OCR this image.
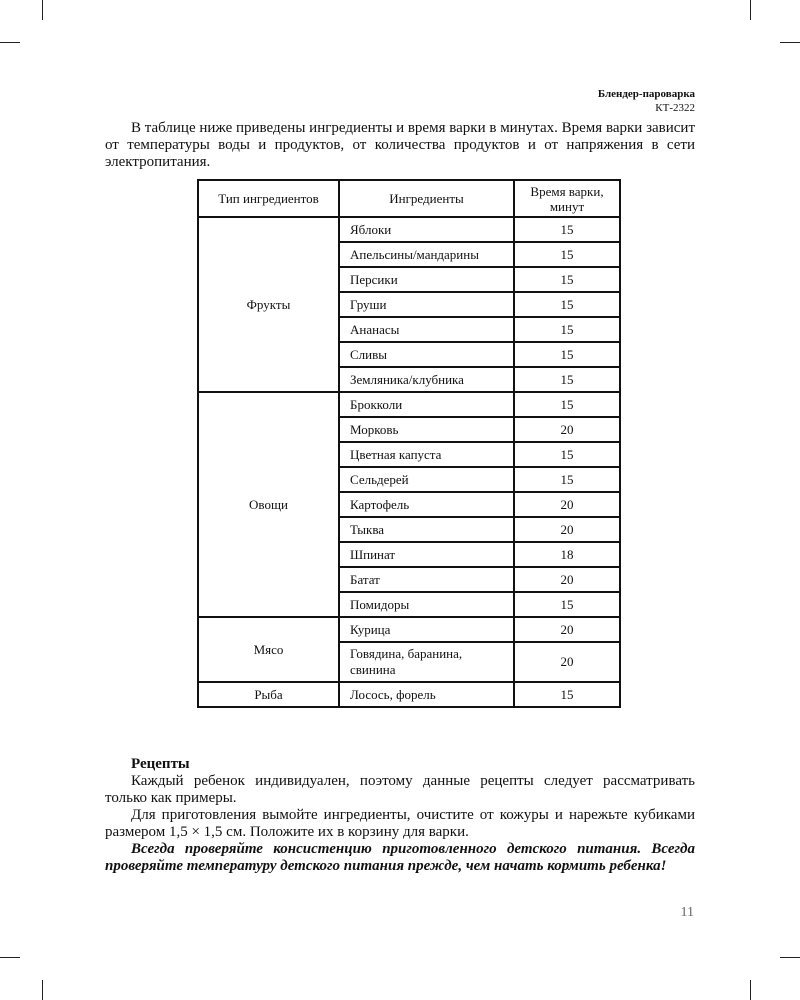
Блендер-пароварка
КТ-2322

В таблице ниже приведены ингредиенты и время варки в минутах. Время варки зависит от температуры воды и продуктов, от количества продуктов и от напряжения в сети электропитания.

Тип ингредиентов	Ингредиенты	Время варки, минут
Фрукты	Яблоки	15
	Апельсины/мандарины	15
	Персики	15
	Груши	15
	Ананасы	15
	Сливы	15
	Земляника/клубника	15
Овощи	Брокколи	15
	Морковь	20
	Цветная капуста	15
	Сельдерей	15
	Картофель	20
	Тыква	20
	Шпинат	18
	Батат	20
	Помидоры	15
Мясо	Курица	20
	Говядина, баранина, свинина	20
Рыба	Лосось, форель	15
Рецепты

Каждый ребенок индивидуален, поэтому данные рецепты следует рассматривать только как примеры.

Для приготовления вымойте ингредиенты, очистите от кожуры и нарежьте кубиками размером 1,5 × 1,5 см. Положите их в корзину для варки.

Всегда проверяйте консистенцию приготовленного детского питания. Всегда проверяйте температуру детского питания прежде, чем начать кормить ребенка!

11
